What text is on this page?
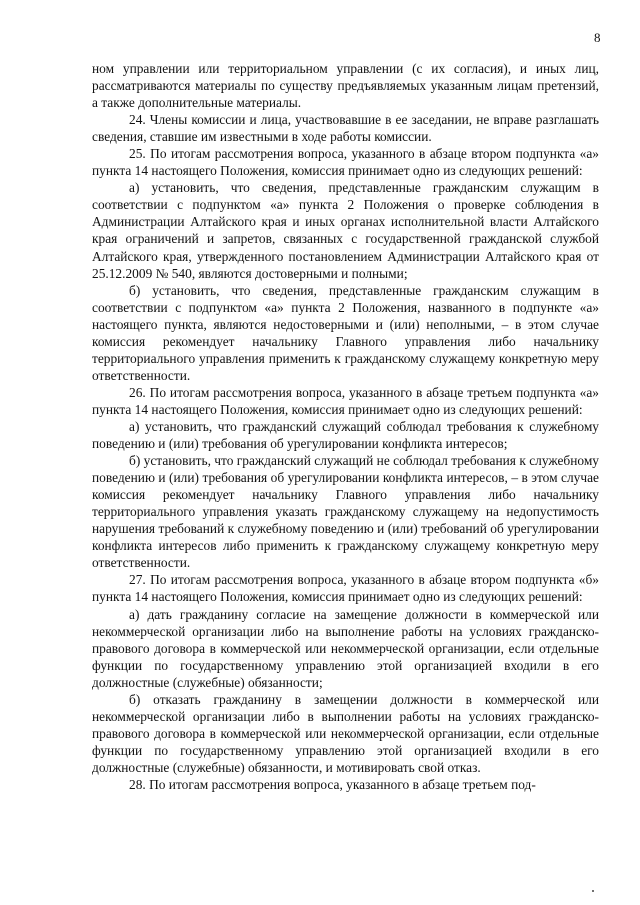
8

ном управлении или территориальном управлении (с их согласия), и иных лиц, рассматриваются материалы по существу предъявляемых указанным лицам претензий, а также дополнительные материалы.

24. Члены комиссии и лица, участвовавшие в ее заседании, не вправе разглашать сведения, ставшие им известными в ходе работы комиссии.

25. По итогам рассмотрения вопроса, указанного в абзаце втором подпункта «а» пункта 14 настоящего Положения, комиссия принимает одно из следующих решений:

а) установить, что сведения, представленные гражданским служащим в соответствии с подпунктом «а» пункта 2 Положения о проверке соблюдения в Администрации Алтайского края и иных органах исполнительной власти Алтайского края ограничений и запретов, связанных с государственной гражданской службой Алтайского края, утвержденного постановлением Администрации Алтайского края от 25.12.2009 № 540, являются достоверными и полными;

б) установить, что сведения, представленные гражданским служащим в соответствии с подпунктом «а» пункта 2 Положения, названного в подпункте «а» настоящего пункта, являются недостоверными и (или) неполными, – в этом случае комиссия рекомендует начальнику Главного управления либо начальнику территориального управления применить к гражданскому служащему конкретную меру ответственности.

26. По итогам рассмотрения вопроса, указанного в абзаце третьем подпункта «а» пункта 14 настоящего Положения, комиссия принимает одно из следующих решений:

а) установить, что гражданский служащий соблюдал требования к служебному поведению и (или) требования об урегулировании конфликта интересов;

б) установить, что гражданский служащий не соблюдал требования к служебному поведению и (или) требования об урегулировании конфликта интересов, – в этом случае комиссия рекомендует начальнику Главного управления либо начальнику территориального управления указать гражданскому служащему на недопустимость нарушения требований к служебному поведению и (или) требований об урегулировании конфликта интересов либо применить к гражданскому служащему конкретную меру ответственности.

27. По итогам рассмотрения вопроса, указанного в абзаце втором подпункта «б» пункта 14 настоящего Положения, комиссия принимает одно из следующих решений:

а) дать гражданину согласие на замещение должности в коммерческой или некоммерческой организации либо на выполнение работы на условиях гражданско-правового договора в коммерческой или некоммерческой организации, если отдельные функции по государственному управлению этой организацией входили в его должностные (служебные) обязанности;

б) отказать гражданину в замещении должности в коммерческой или некоммерческой организации либо в выполнении работы на условиях гражданско-правового договора в коммерческой или некоммерческой организации, если отдельные функции по государственному управлению этой организацией входили в его должностные (служебные) обязанности, и мотивировать свой отказ.

28. По итогам рассмотрения вопроса, указанного в абзаце третьем под-
